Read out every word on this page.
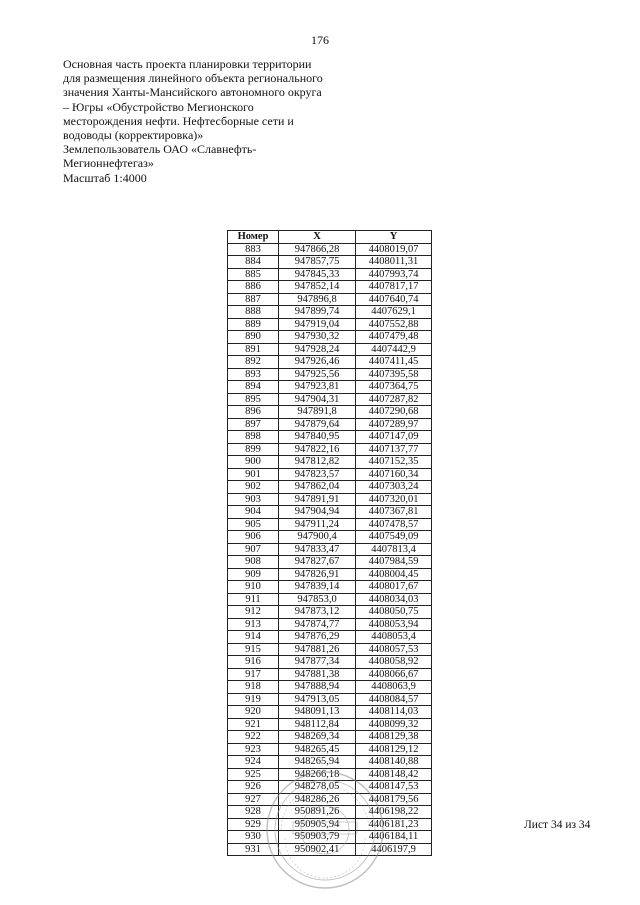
176
Основная часть проекта планировки территории
для размещения линейного объекта регионального
значения Ханты-Мансийского автономного округа
– Югры «Обустройство Мегионского
месторождения нефти. Нефтесборные сети и
водоводы (корректировка)»
Землепользователь ОАО «Славнефть-
Мегионнефтегаз»
Масштаб 1:4000
Номер	X	Y
883	947866,28	4408019,07
884	947857,75	4408011,31
885	947845,33	4407993,74
886	947852,14	4407817,17
887	947896,8	4407640,74
888	947899,74	4407629,1
889	947919,04	4407552,88
890	947930,32	4407479,48
891	947928,24	4407442,9
892	947926,46	4407411,45
893	947925,56	4407395,58
894	947923,81	4407364,75
895	947904,31	4407287,82
896	947891,8	4407290,68
897	947879,64	4407289,97
898	947840,95	4407147,09
899	947822,16	4407137,77
900	947812,82	4407152,35
901	947823,57	4407160,34
902	947862,04	4407303,24
903	947891,91	4407320,01
904	947904,94	4407367,81
905	947911,24	4407478,57
906	947900,4	4407549,09
907	947833,47	4407813,4
908	947827,67	4407984,59
909	947826,91	4408004,45
910	947839,14	4408017,67
911	947853,0	4408034,03
912	947873,12	4408050,75
913	947874,77	4408053,94
914	947876,29	4408053,4
915	947881,26	4408057,53
916	947877,34	4408058,92
917	947881,38	4408066,67
918	947888,94	4408063,9
919	947913,05	4408084,57
920	948091,13	4408114,03
921	948112,84	4408099,32
922	948269,34	4408129,38
923	948265,45	4408129,12
924	948265,94	4408140,88
925	948266,18	4408148,42
926	948278,05	4408147,53
927	948286,26	4408179,56
928	950891,26	4406198,22
929	950905,94	4406181,23
930	950903,79	4406184,11
931	950902,41	4406197,9
Лист 34 из 34
